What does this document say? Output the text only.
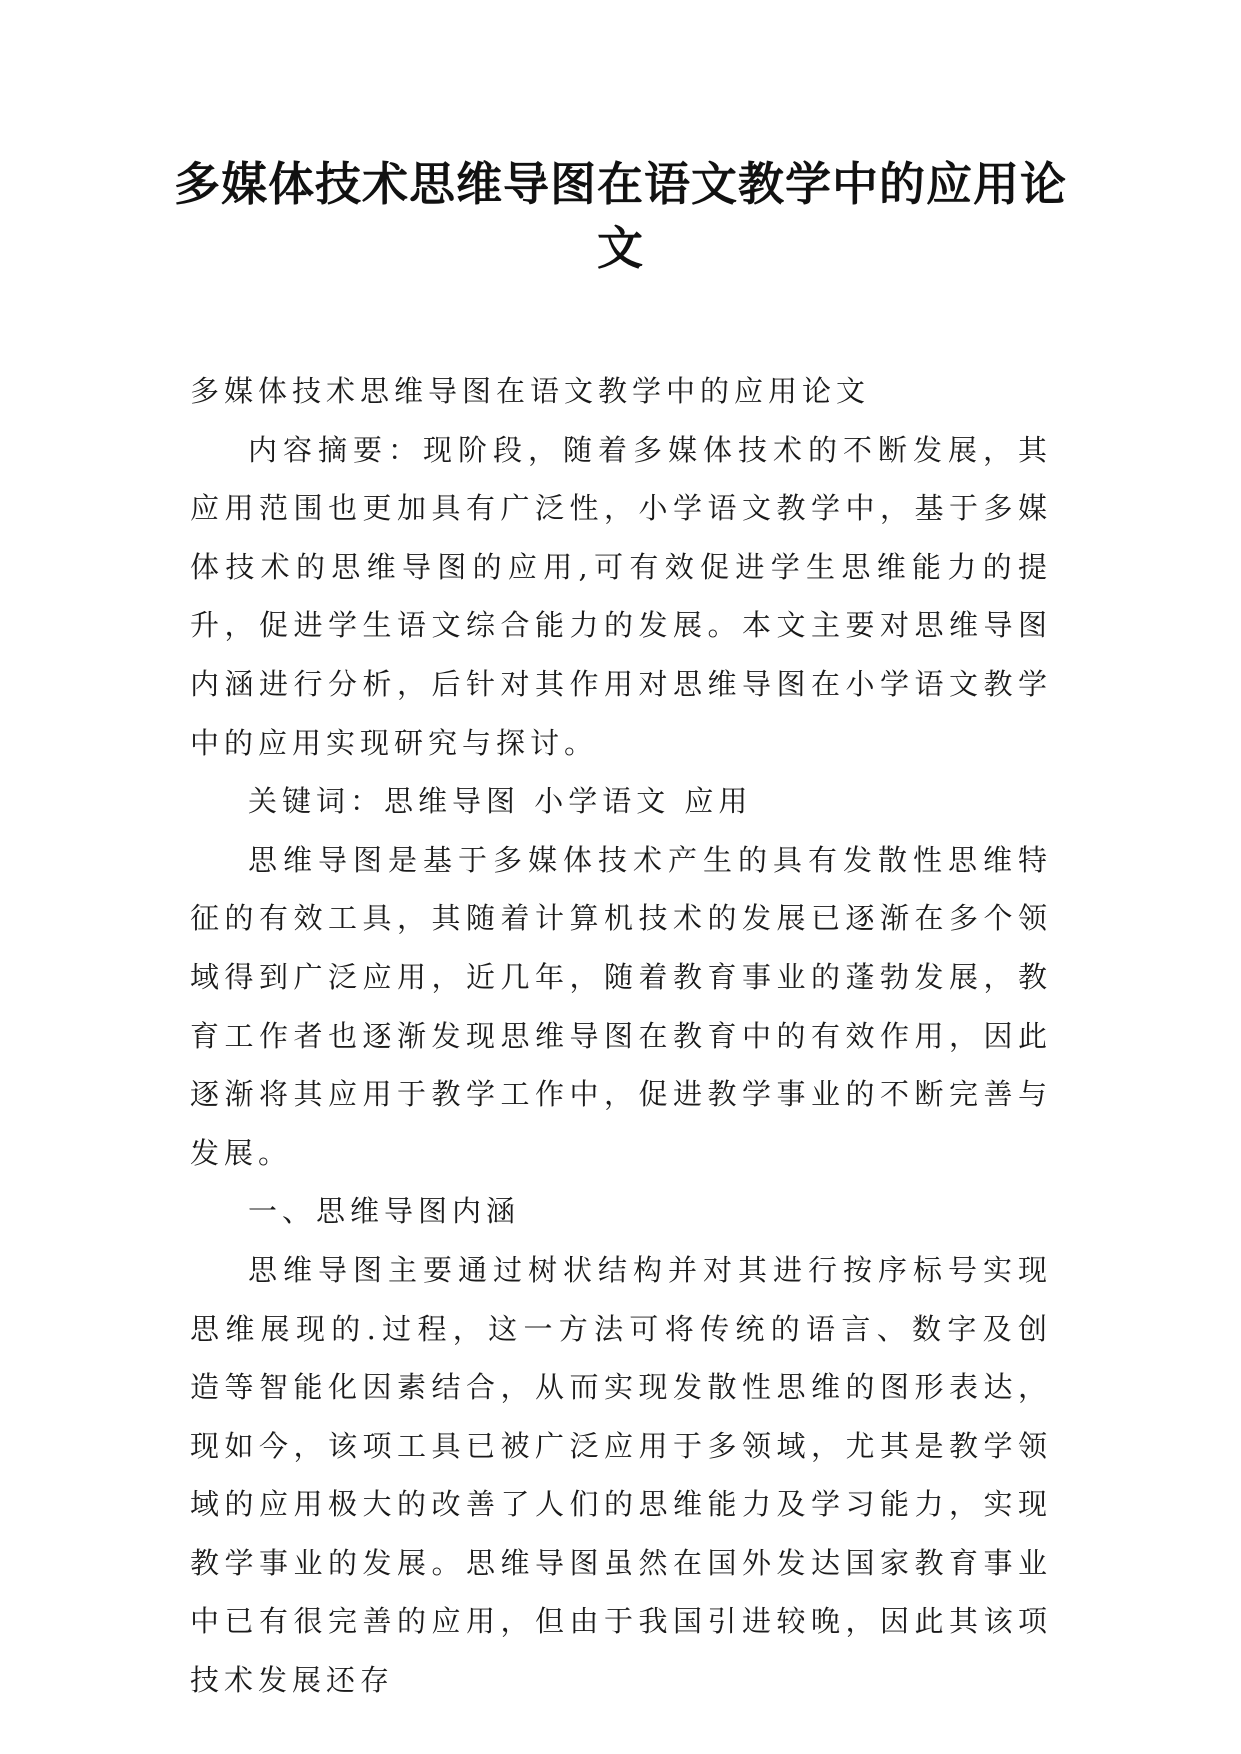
多媒体技术思维导图在语文教学中的应用论文

多媒体技术思维导图在语文教学中的应用论文

内容摘要：现阶段，随着多媒体技术的不断发展，其应用范围也更加具有广泛性，小学语文教学中，基于多媒体技术的思维导图的应用,可有效促进学生思维能力的提升，促进学生语文综合能力的发展。本文主要对思维导图内涵进行分析，后针对其作用对思维导图在小学语文教学中的应用实现研究与探讨。

关键词：思维导图 小学语文 应用

思维导图是基于多媒体技术产生的具有发散性思维特征的有效工具，其随着计算机技术的发展已逐渐在多个领域得到广泛应用，近几年，随着教育事业的蓬勃发展，教育工作者也逐渐发现思维导图在教育中的有效作用，因此逐渐将其应用于教学工作中，促进教学事业的不断完善与发展。

一、思维导图内涵

思维导图主要通过树状结构并对其进行按序标号实现思维展现的.过程，这一方法可将传统的语言、数字及创造等智能化因素结合，从而实现发散性思维的图形表达，现如今，该项工具已被广泛应用于多领域，尤其是教学领域的应用极大的改善了人们的思维能力及学习能力，实现教学事业的发展。思维导图虽然在国外发达国家教育事业中已有很完善的应用，但由于我国引进较晚，因此其该项技术发展还存
